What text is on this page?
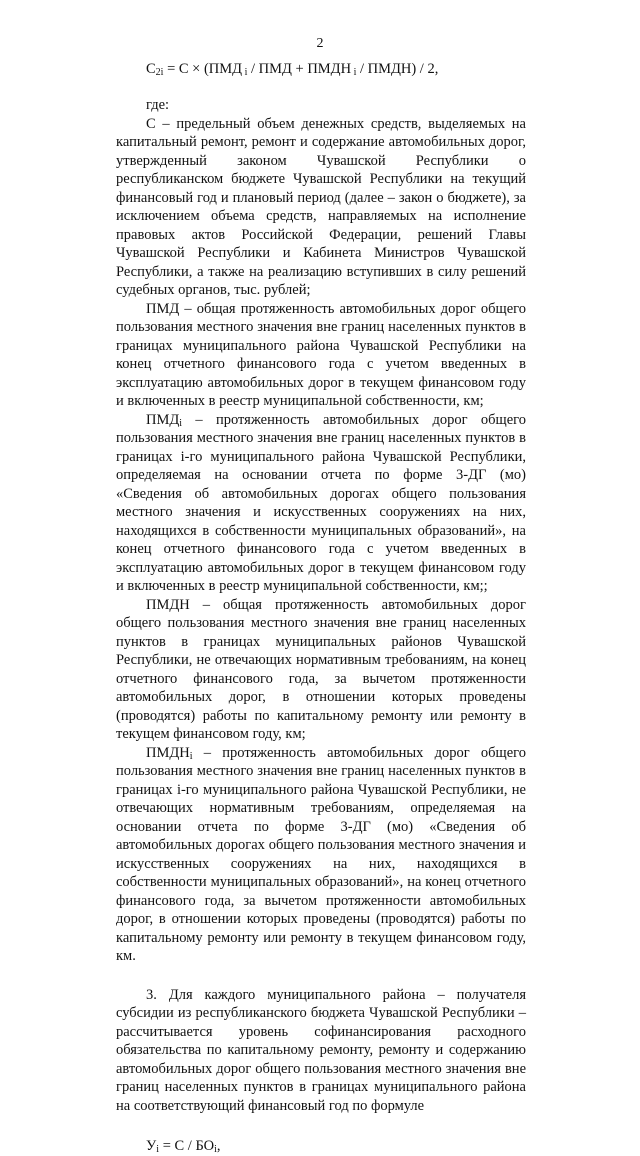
2

$С_{2i} = С \times (ПМД$ $_i$ / ПМД + ПМДН $_i$ / ПМДН) / 2,

где:

С – предельный объем денежных средств, выделяемых на капитальный ремонт, ремонт и содержание автомобильных дорог, утвержденный законом Чувашской Республики о республиканском бюджете Чувашской Республики на текущий финансовый год и плановый период (далее – закон о бюджете), за исключением объема средств, направляемых на исполнение правовых актов Российской Федерации, решений Главы Чувашской Республики и Кабинета Министров Чувашской Республики, а также на реализацию вступивших в силу решений судебных органов, тыс. рублей;

ПМД – общая протяженность автомобильных дорог общего пользования местного значения вне границ населенных пунктов в границах муниципального района Чувашской Республики на конец отчетного финансового года с учетом введенных в эксплуатацию автомобильных дорог в текущем финансовом году и включенных в реестр муниципальной собственности, км;

$ПМД_i$ – протяженность автомобильных дорог общего пользования местного значения вне границ населенных пунктов в границах i-го муниципального района Чувашской Республики, определяемая на основании отчета по форме 3-ДГ (мо) «Сведения об автомобильных дорогах общего пользования местного значения и искусственных сооружениях на них, находящихся в собственности муниципальных образований», на конец отчетного финансового года с учетом введенных в эксплуатацию автомобильных дорог в текущем финансовом году и включенных в реестр муниципальной собственности, км;;

ПМДН – общая протяженность автомобильных дорог общего пользования местного значения вне границ населенных пунктов в границах муниципальных районов Чувашской Республики, не отвечающих нормативным требованиям, на конец отчетного финансового года, за вычетом протяженности автомобильных дорог, в отношении которых проведены (проводятся) работы по капитальному ремонту или ремонту в текущем финансовом году, км;

$ПМДН_i$ – протяженность автомобильных дорог общего пользования местного значения вне границ населенных пунктов в границах i-го муниципального района Чувашской Республики, не отвечающих нормативным требованиям, определяемая на основании отчета по форме 3-ДГ (мо) «Сведения об автомобильных дорогах общего пользования местного значения и искусственных сооружениях на них, находящихся в собственности муниципальных образований», на конец отчетного финансового года, за вычетом протяженности автомобильных дорог, в отношении которых проведены (проводятся) работы по капитальному ремонту или ремонту в текущем финансовом году, км.

3. Для каждого муниципального района – получателя субсидии из республиканского бюджета Чувашской Республики – рассчитывается уровень софинансирования расходного обязательства по капитальному ремонту, ремонту и содержанию автомобильных дорог общего пользования местного значения вне границ населенных пунктов в границах муниципального района на соответствующий финансовый год по формуле

$У_i = С / БО_i$,
